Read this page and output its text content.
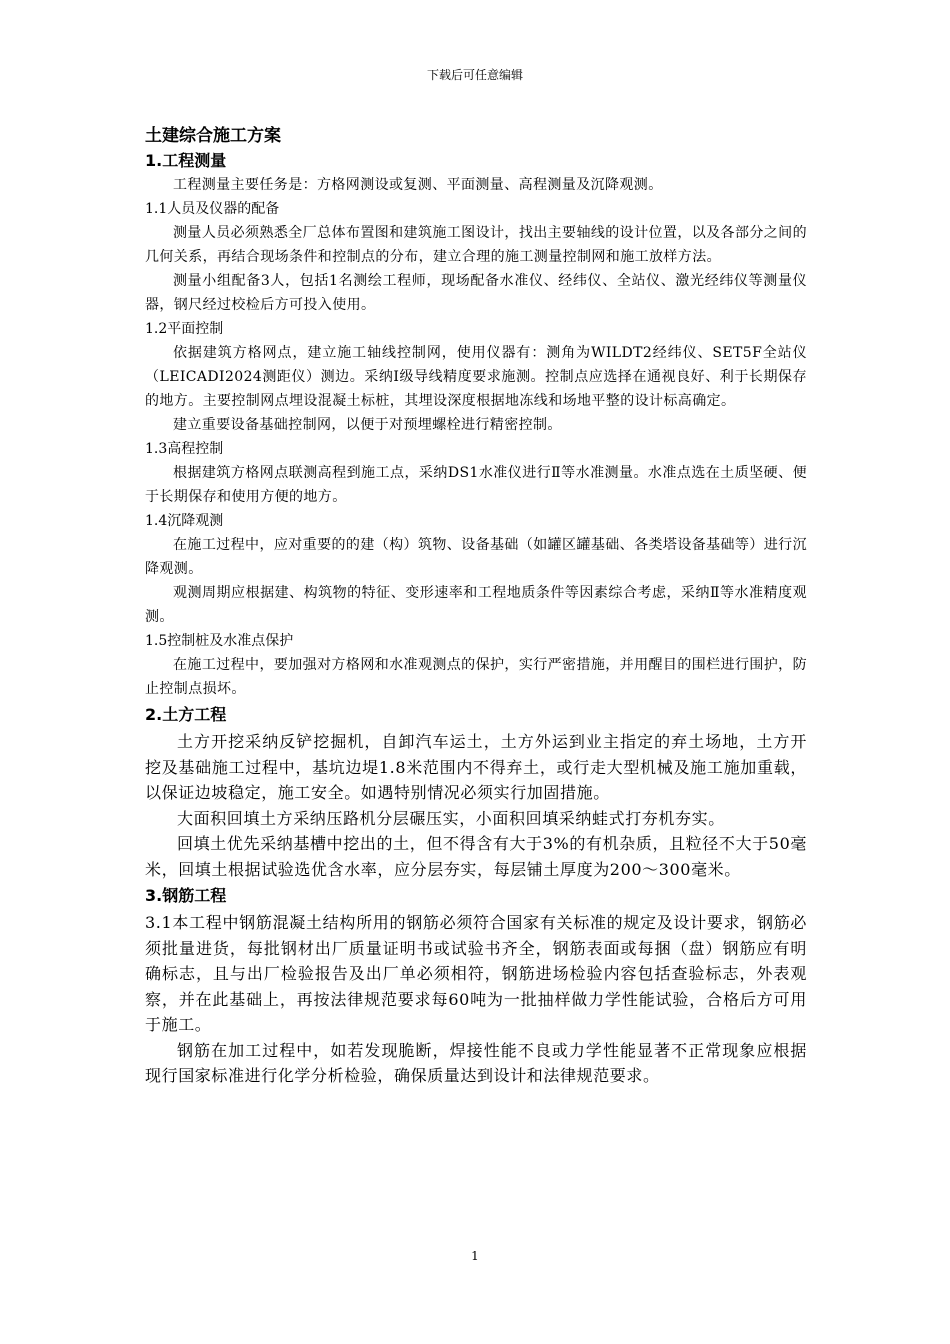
下载后可任意编辑
土建综合施工方案
1.工程测量

工程测量主要任务是：方格网测设或复测、平面测量、高程测量及沉降观测。

1.1人员及仪器的配备

测量人员必须熟悉全厂总体布置图和建筑施工图设计，找出主要轴线的设计位置，以及各部分之间的几何关系，再结合现场条件和控制点的分布，建立合理的施工测量控制网和施工放样方法。

测量小组配备3人，包括1名测绘工程师，现场配备水准仪、经纬仪、全站仪、激光经纬仪等测量仪器，钢尺经过校检后方可投入使用。

1.2平面控制

依据建筑方格网点，建立施工轴线控制网，使用仪器有：测角为WILDT2经纬仪、SET5F全站仪（LEICADI2024测距仪）测边。采纳Ⅰ级导线精度要求施测。控制点应选择在通视良好、利于长期保存的地方。主要控制网点埋设混凝土标桩，其埋设深度根据地冻线和场地平整的设计标高确定。

建立重要设备基础控制网，以便于对预埋螺栓进行精密控制。

1.3高程控制

根据建筑方格网点联测高程到施工点，采纳DS1水准仪进行Ⅱ等水准测量。水准点选在土质坚硬、便于长期保存和使用方便的地方。

1.4沉降观测

在施工过程中，应对重要的的建（构）筑物、设备基础（如罐区罐基础、各类塔设备基础等）进行沉降观测。

观测周期应根据建、构筑物的特征、变形速率和工程地质条件等因素综合考虑，采纳Ⅱ等水准精度观测。

1.5控制桩及水准点保护

在施工过程中，要加强对方格网和水准观测点的保护，实行严密措施，并用醒目的围栏进行围护，防止控制点损坏。

2.土方工程

土方开挖采纳反铲挖掘机，自卸汽车运土，土方外运到业主指定的弃土场地，土方开挖及基础施工过程中，基坑边堤1.8米范围内不得弃土，或行走大型机械及施工施加重载，以保证边坡稳定，施工安全。如遇特别情况必须实行加固措施。

大面积回填土方采纳压路机分层碾压实，小面积回填采纳蛙式打夯机夯实。

回填土优先采纳基槽中挖出的土，但不得含有大于3%的有机杂质，且粒径不大于50毫米，回填土根据试验选优含水率，应分层夯实，每层铺土厚度为200～300毫米。

3.钢筋工程

3.1本工程中钢筋混凝土结构所用的钢筋必须符合国家有关标准的规定及设计要求，钢筋必须批量进货，每批钢材出厂质量证明书或试验书齐全，钢筋表面或每捆（盘）钢筋应有明确标志，且与出厂检验报告及出厂单必须相符，钢筋进场检验内容包括查验标志，外表观察，并在此基础上，再按法律规范要求每60吨为一批抽样做力学性能试验，合格后方可用于施工。

钢筋在加工过程中，如若发现脆断，焊接性能不良或力学性能显著不正常现象应根据现行国家标准进行化学分析检验，确保质量达到设计和法律规范要求。

1
